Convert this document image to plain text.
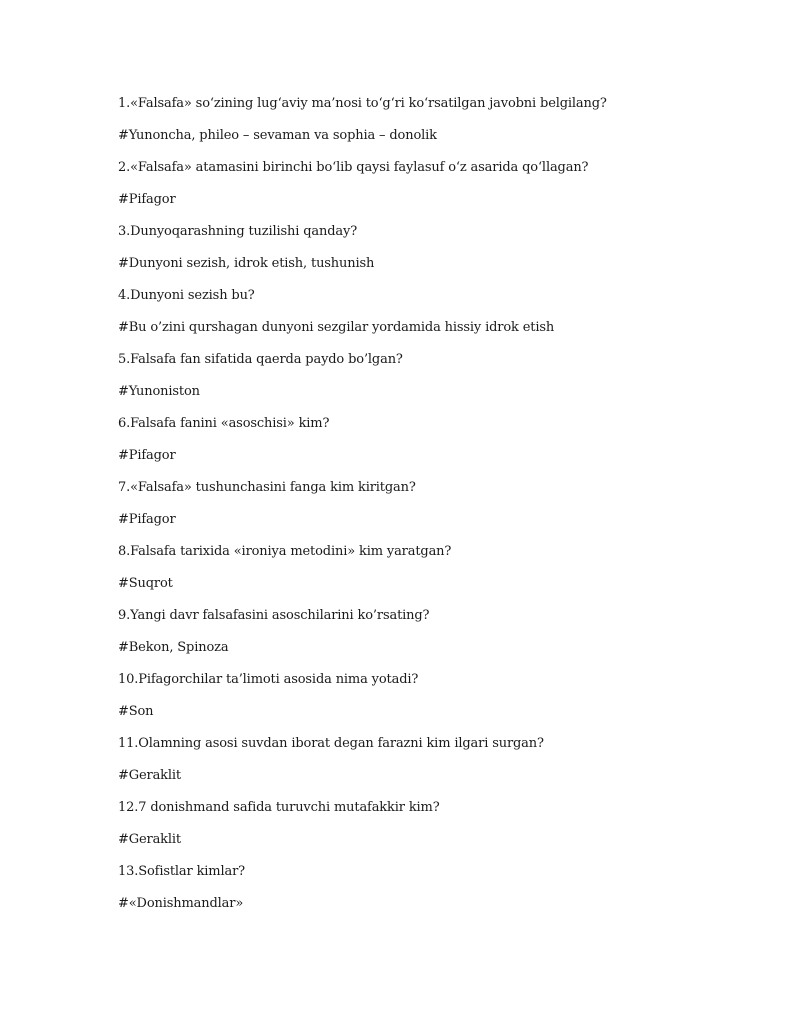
1.«Falsafa» so‘zining lug‘aviy ma’nosi to‘g‘ri ko‘rsatilgan javobni belgilang?
#Yunoncha, phileo – sevaman va sophia – donolik
2.«Falsafa» atamasini birinchi bo‘lib qaysi faylasuf o‘z asarida qo‘llagan?
#Pifagor
3.Dunyoqarashning tuzilishi qanday?
#Dunyoni sezish, idrok etish, tushunish
4.Dunyoni sezish bu?
#Bu o’zini qurshagan dunyoni sezgilar yordamida hissiy idrok etish
5.Falsafa fan sifatida qaerda paydo bo’lgan?
#Yunoniston
6.Falsafa fanini «asoschisi» kim?
#Pifagor
7.«Falsafa» tushunchasini fanga kim kiritgan?
#Pifagor
8.Falsafa tarixida «ironiya metodini» kim yaratgan?
#Suqrot
9.Yangi davr falsafasini asoschilarini ko’rsating?
#Bekon, Spinoza
10.Pifagorchilar ta’limoti asosida nima yotadi?
#Son
11.Olamning asosi suvdan iborat degan farazni kim ilgari surgan?
#Geraklit
12.7 donishmand safida turuvchi mutafakkir kim?
#Geraklit
13.Sofistlar kimlar?
#«Donishmandlar»
